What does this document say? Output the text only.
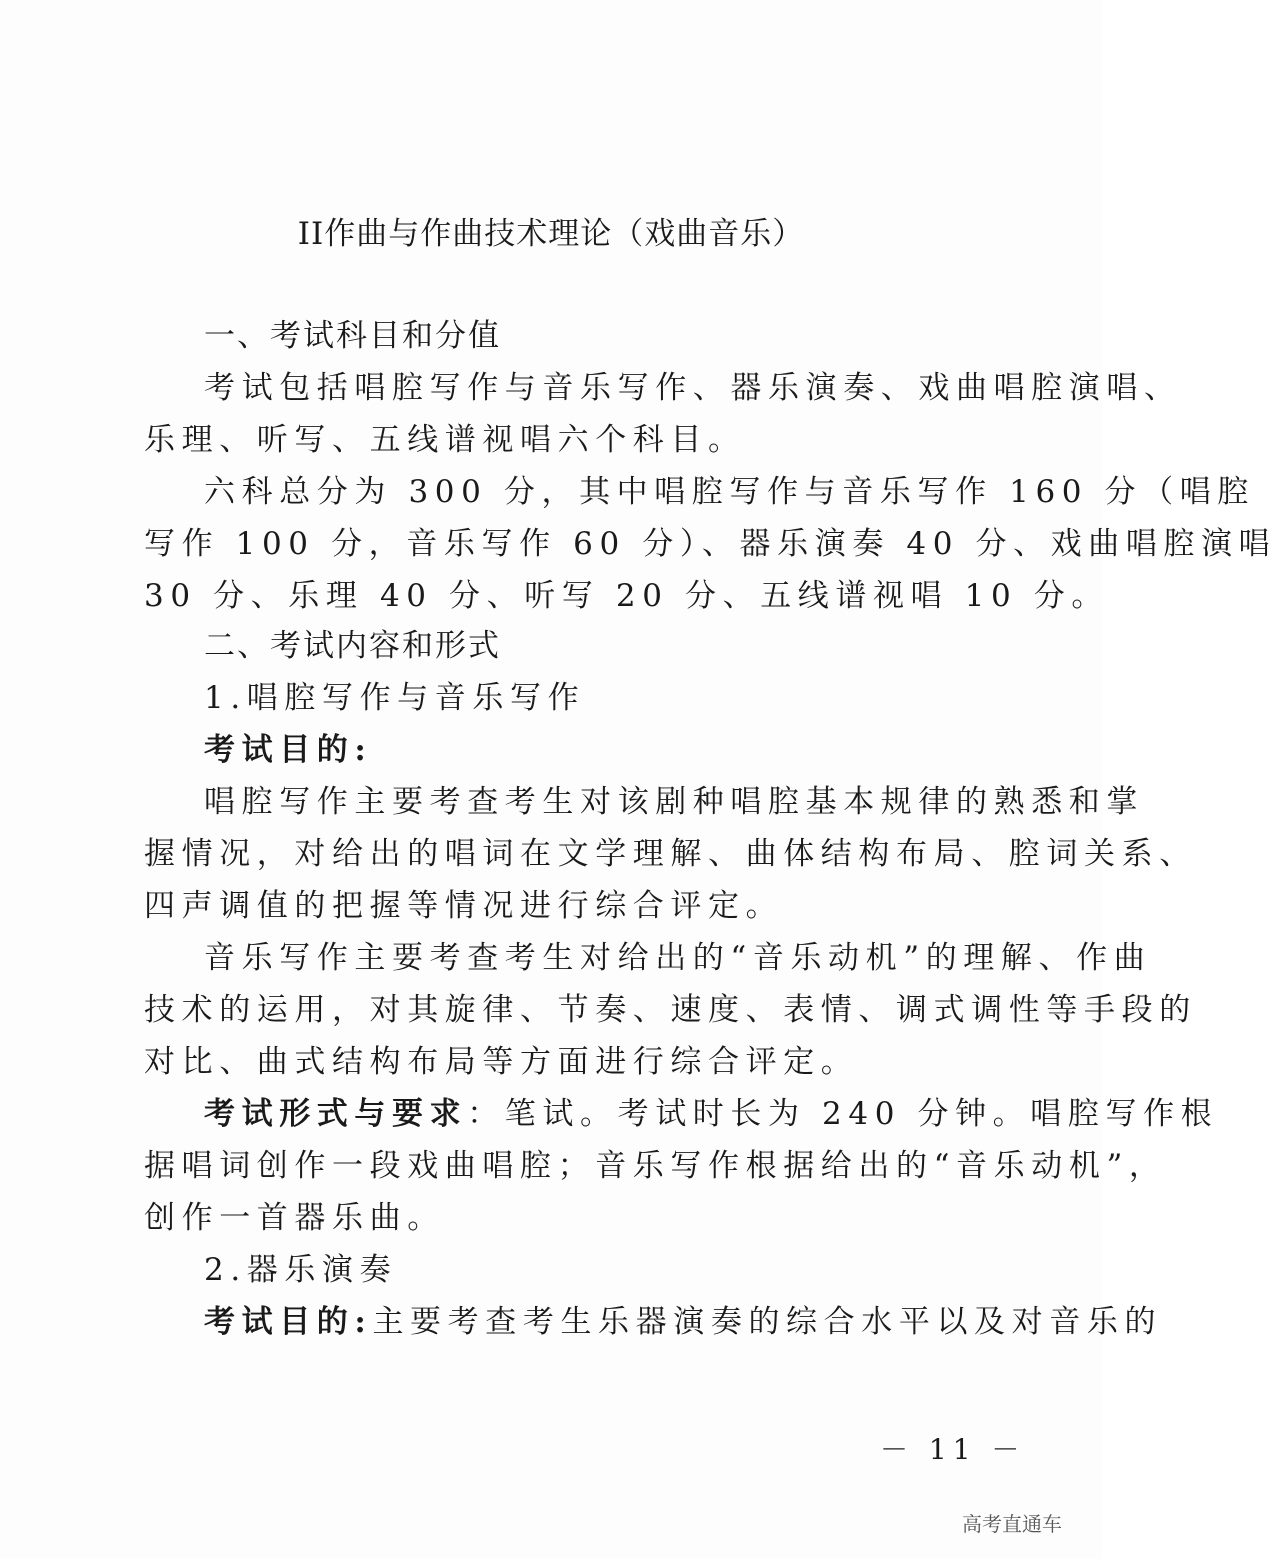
II作曲与作曲技术理论（戏曲音乐）

一、考试科目和分值

考试包括唱腔写作与音乐写作、器乐演奏、戏曲唱腔演唱、

乐理、听写、五线谱视唱六个科目。

六科总分为 300 分，其中唱腔写作与音乐写作 160 分（唱腔

写作 100 分，音乐写作 60 分）、器乐演奏 40 分、戏曲唱腔演唱

30 分、乐理 40 分、听写 20 分、五线谱视唱 10 分。

二、考试内容和形式

1.唱腔写作与音乐写作

考试目的:

唱腔写作主要考查考生对该剧种唱腔基本规律的熟悉和掌

握情况，对给出的唱词在文学理解、曲体结构布局、腔词关系、

四声调值的把握等情况进行综合评定。

音乐写作主要考查考生对给出的“音乐动机”的理解、作曲

技术的运用，对其旋律、节奏、速度、表情、调式调性等手段的

对比、曲式结构布局等方面进行综合评定。

考试形式与要求：笔试。考试时长为 240 分钟。唱腔写作根

据唱词创作一段戏曲唱腔；音乐写作根据给出的“音乐动机”，

创作一首器乐曲。

2.器乐演奏

考试目的:主要考查考生乐器演奏的综合水平以及对音乐的

－ 11 －

高考直通车
